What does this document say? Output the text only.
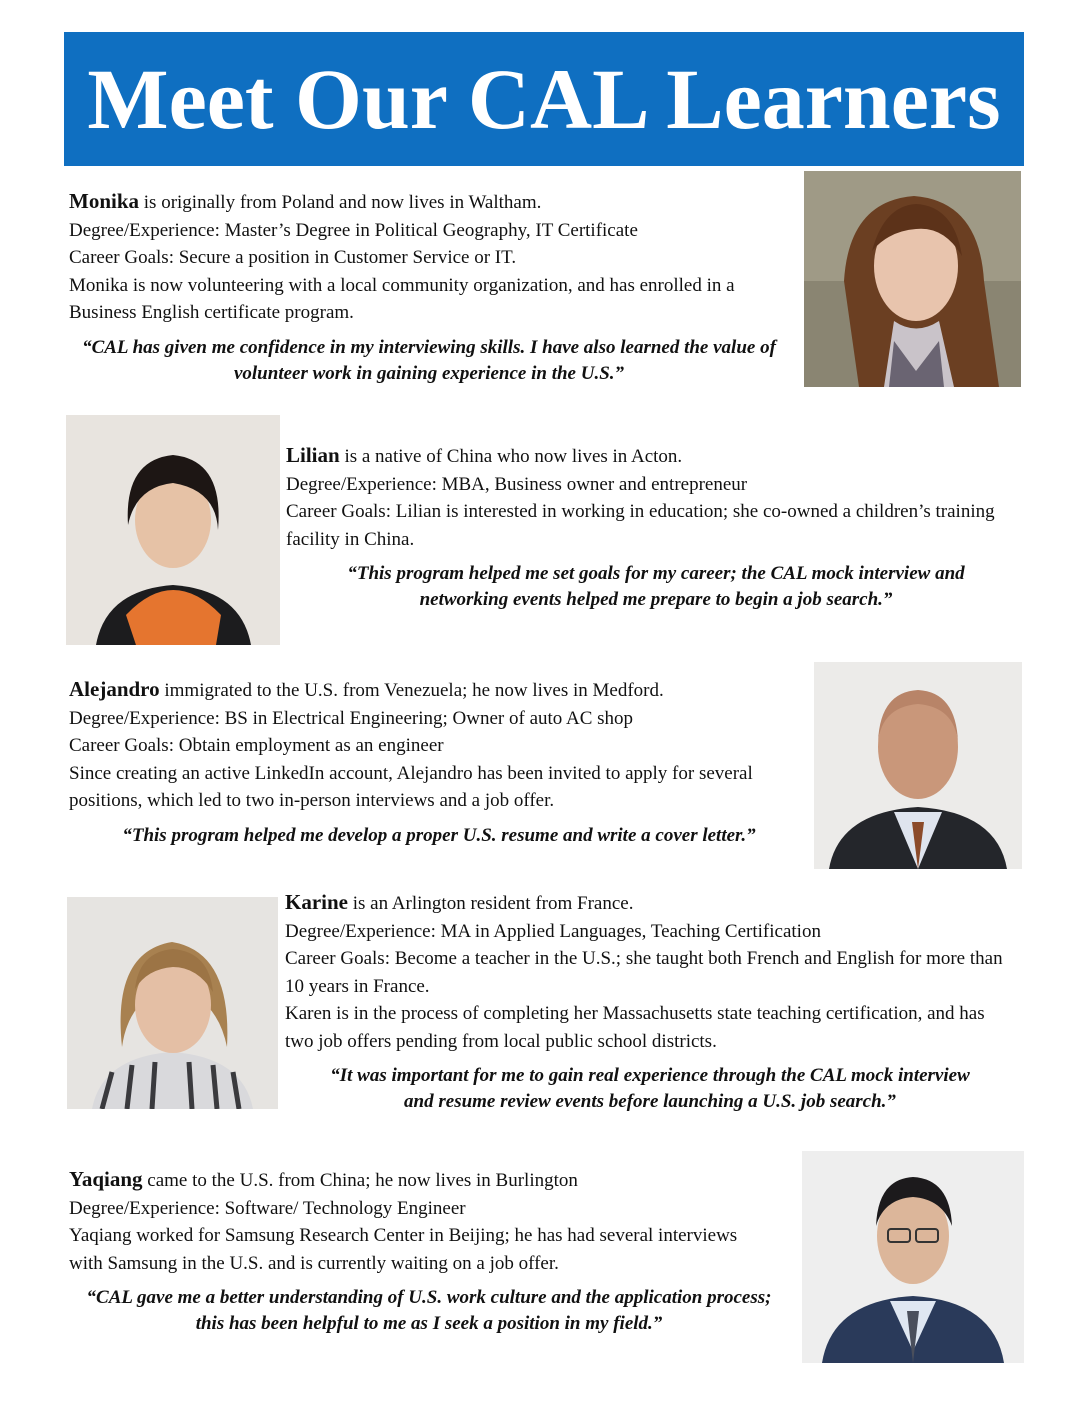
Meet Our CAL Learners

Monika is originally from Poland and now lives in Waltham.

Degree/Experience: Master’s Degree in Political Geography, IT Certificate

Career Goals: Secure a position in Customer Service or IT.

Monika is now volunteering with a local community organization, and has enrolled in a Business English certificate program.

“CAL has given me confidence in my interviewing skills. I have also learned the value of volunteer work in gaining experience in the U.S.”

Lilian is a native of China who now lives in Acton.

Degree/Experience: MBA, Business owner and entrepreneur

Career Goals: Lilian is interested in working in education; she co-owned a children’s training facility in China.

“This program helped me set goals for my career; the CAL mock interview and networking events helped me prepare to begin a job search.”

Alejandro immigrated to the U.S. from Venezuela; he now lives in Medford.

Degree/Experience: BS in Electrical Engineering; Owner of auto AC shop

Career Goals: Obtain employment as an engineer

Since creating an active LinkedIn account, Alejandro has been invited to apply for several positions, which led to two in-person interviews and a job offer.

“This program helped me develop a proper U.S. resume and write a cover letter.”

Karine is an Arlington resident from France.

Degree/Experience: MA in Applied Languages, Teaching Certification

Career Goals: Become a teacher in the U.S.; she taught both French and English for more than 10 years in France.

Karen is in the process of completing her Massachusetts state teaching certification, and has two job offers pending from local public school districts.

“It was important for me to gain real experience through the CAL mock interview and resume review events before launching a U.S. job search.”

Yaqiang came to the U.S. from China; he now lives in Burlington

Degree/Experience: Software/ Technology Engineer

Yaqiang worked for Samsung Research Center in Beijing; he has had several interviews with Samsung in the U.S. and is currently waiting on a job offer.

“CAL gave me a better understanding of U.S. work culture and the application process; this has been helpful to me as I seek a position in my field.”
